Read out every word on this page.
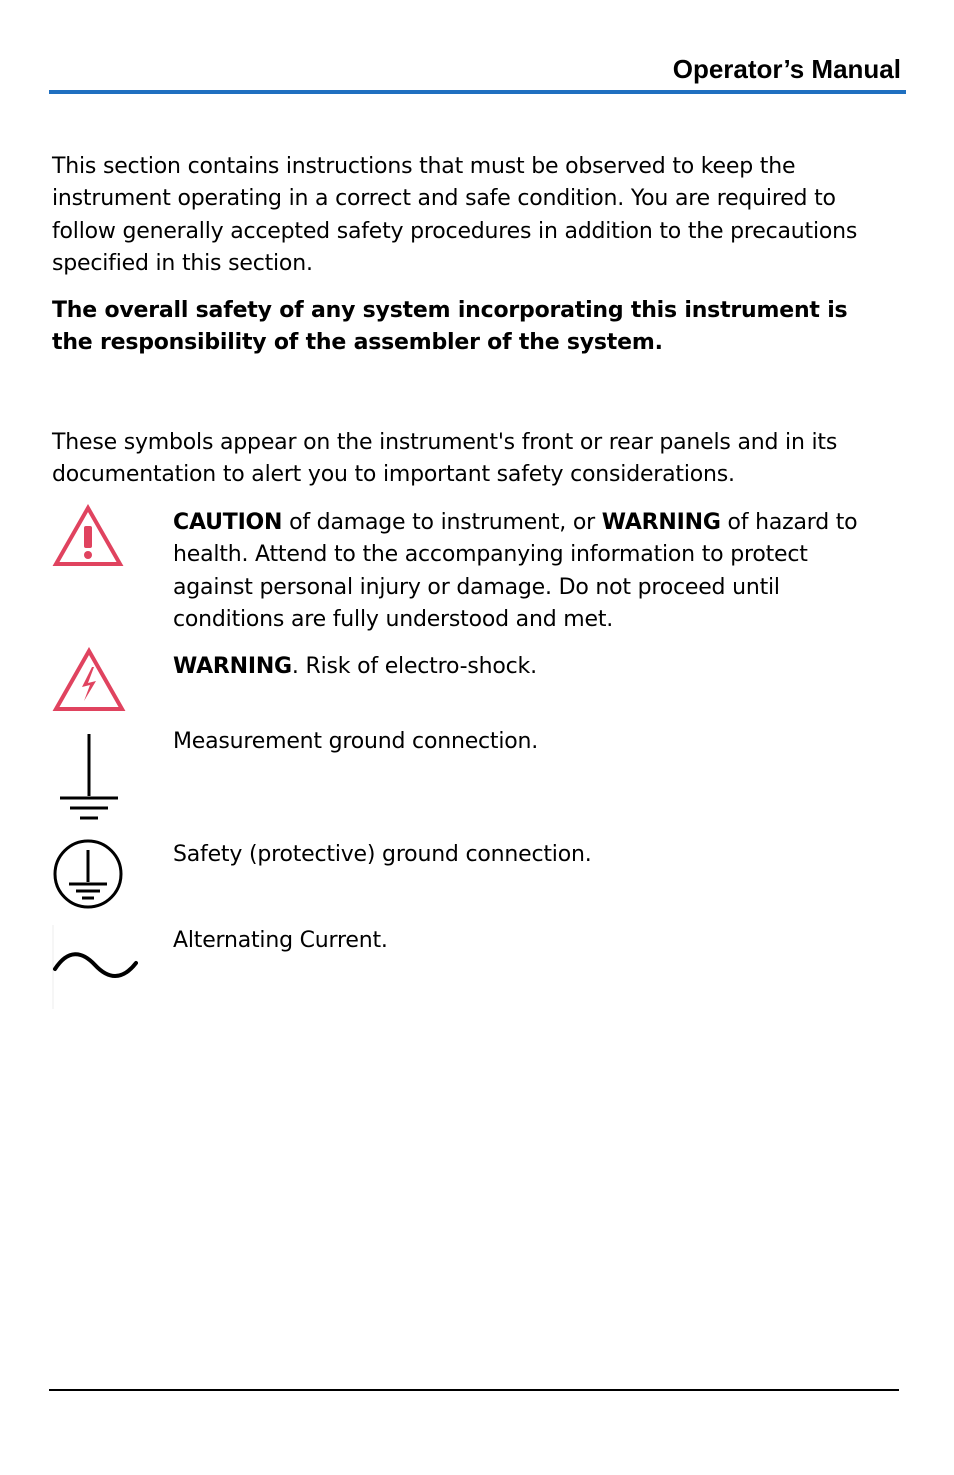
Operator’s Manual

This section contains instructions that must be observed to keep the instrument operating in a correct and safe condition. You are required to follow generally accepted safety procedures in addition to the precautions specified in this section.

The overall safety of any system incorporating this instrument is the responsibility of the assembler of the system.

These symbols appear on the instrument's front or rear panels and in its documentation to alert you to important safety considerations.

CAUTION of damage to instrument, or WARNING of hazard to health. Attend to the accompanying information to protect against personal injury or damage. Do not proceed until conditions are fully understood and met.

WARNING. Risk of electro-shock.

Measurement ground connection.

Safety (protective) ground connection.

Alternating Current.
